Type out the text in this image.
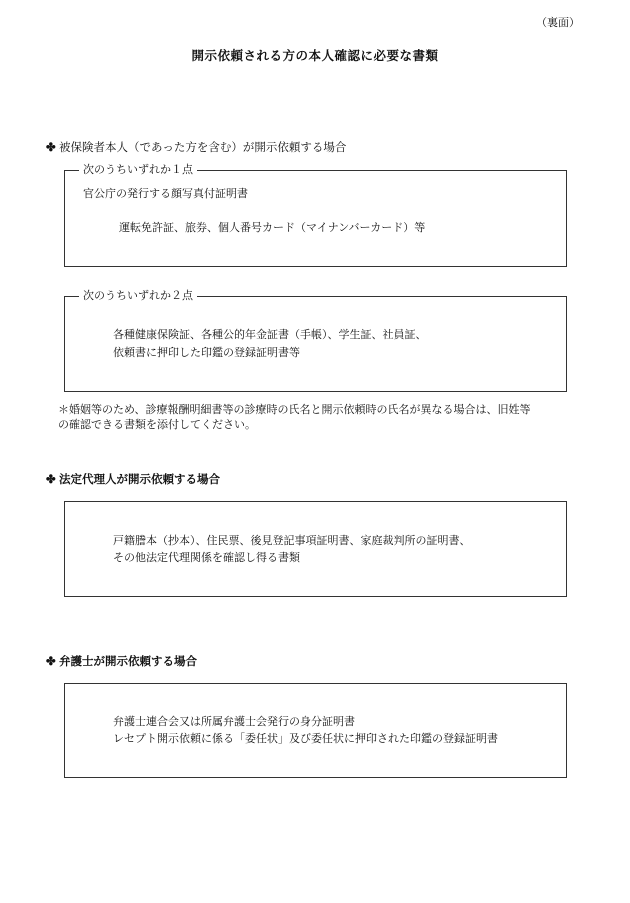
（裏面）
開示依頼される方の本人確認に必要な書類
✤ 被保険者本人（であった方を含む）が開示依頼する場合
次のうちいずれか１点
官公庁の発行する顔写真付証明書
運転免許証、旅券、個人番号カード（マイナンバーカード）等
次のうちいずれか２点
各種健康保険証、各種公的年金証書（手帳）、学生証、社員証、
依頼書に押印した印鑑の登録証明書等
＊婚姻等のため、診療報酬明細書等の診療時の氏名と開示依頼時の氏名が異なる場合は、旧姓等
の確認できる書類を添付してください。
✤ 法定代理人が開示依頼する場合
戸籍謄本（抄本）、住民票、後見登記事項証明書、家庭裁判所の証明書、
その他法定代理関係を確認し得る書類
✤ 弁護士が開示依頼する場合
弁護士連合会又は所属弁護士会発行の身分証明書
レセプト開示依頼に係る「委任状」及び委任状に押印された印鑑の登録証明書
